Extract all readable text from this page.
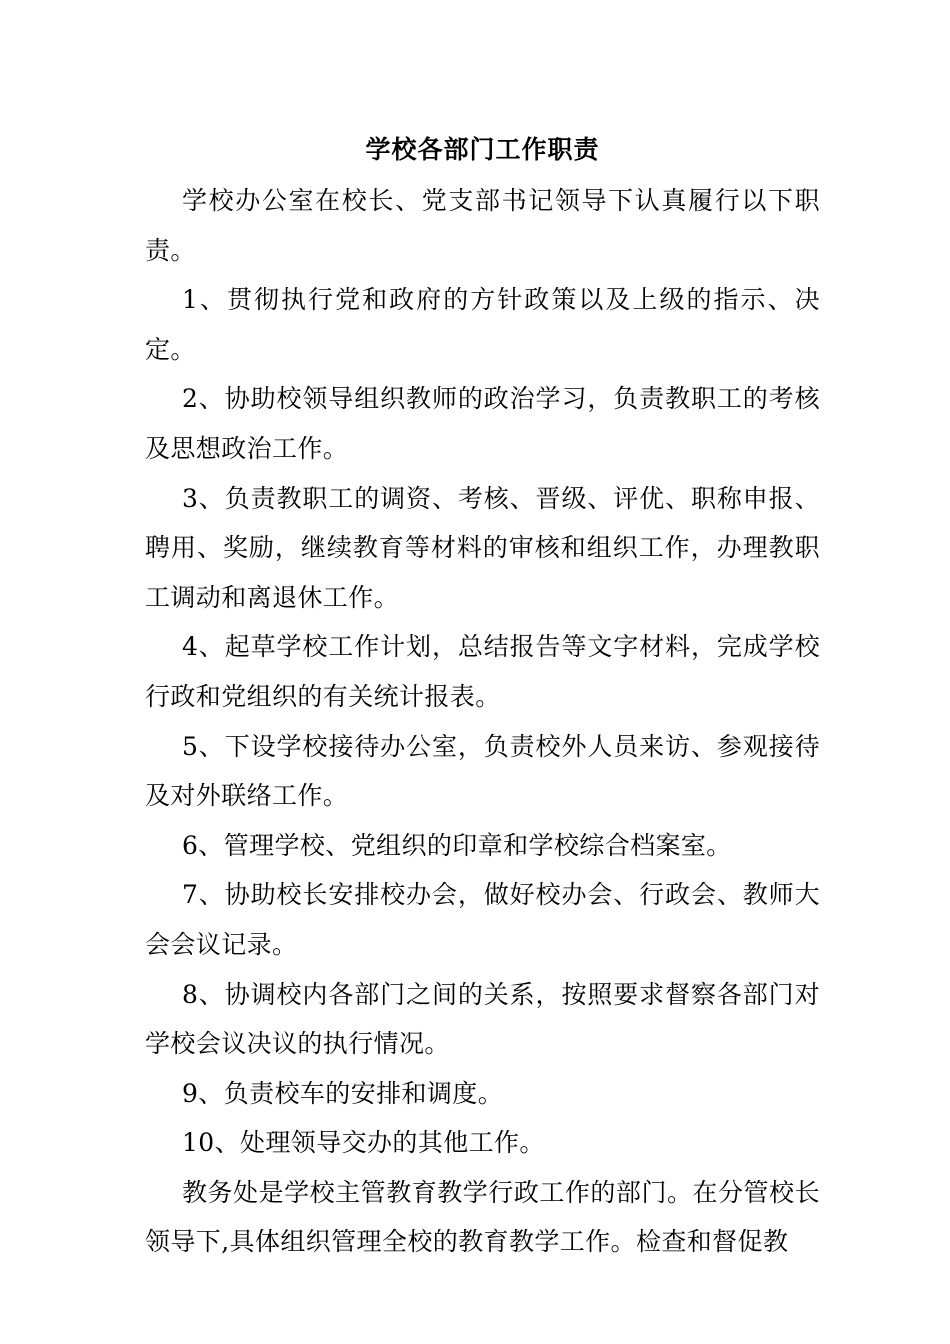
学校各部门工作职责

学校办公室在校长、党支部书记领导下认真履行以下职责。

1、贯彻执行党和政府的方针政策以及上级的指示、决定。

2、协助校领导组织教师的政治学习，负责教职工的考核及思想政治工作。

3、负责教职工的调资、考核、晋级、评优、职称申报、聘用、奖励，继续教育等材料的审核和组织工作，办理教职工调动和离退休工作。

4、起草学校工作计划，总结报告等文字材料，完成学校行政和党组织的有关统计报表。

5、下设学校接待办公室，负责校外人员来访、参观接待及对外联络工作。

6、管理学校、党组织的印章和学校综合档案室。

7、协助校长安排校办会，做好校办会、行政会、教师大会会议记录。

8、协调校内各部门之间的关系，按照要求督察各部门对学校会议决议的执行情况。

9、负责校车的安排和调度。

10、处理领导交办的其他工作。

教务处是学校主管教育教学行政工作的部门。在分管校长领导下,具体组织管理全校的教育教学工作。检查和督促教
